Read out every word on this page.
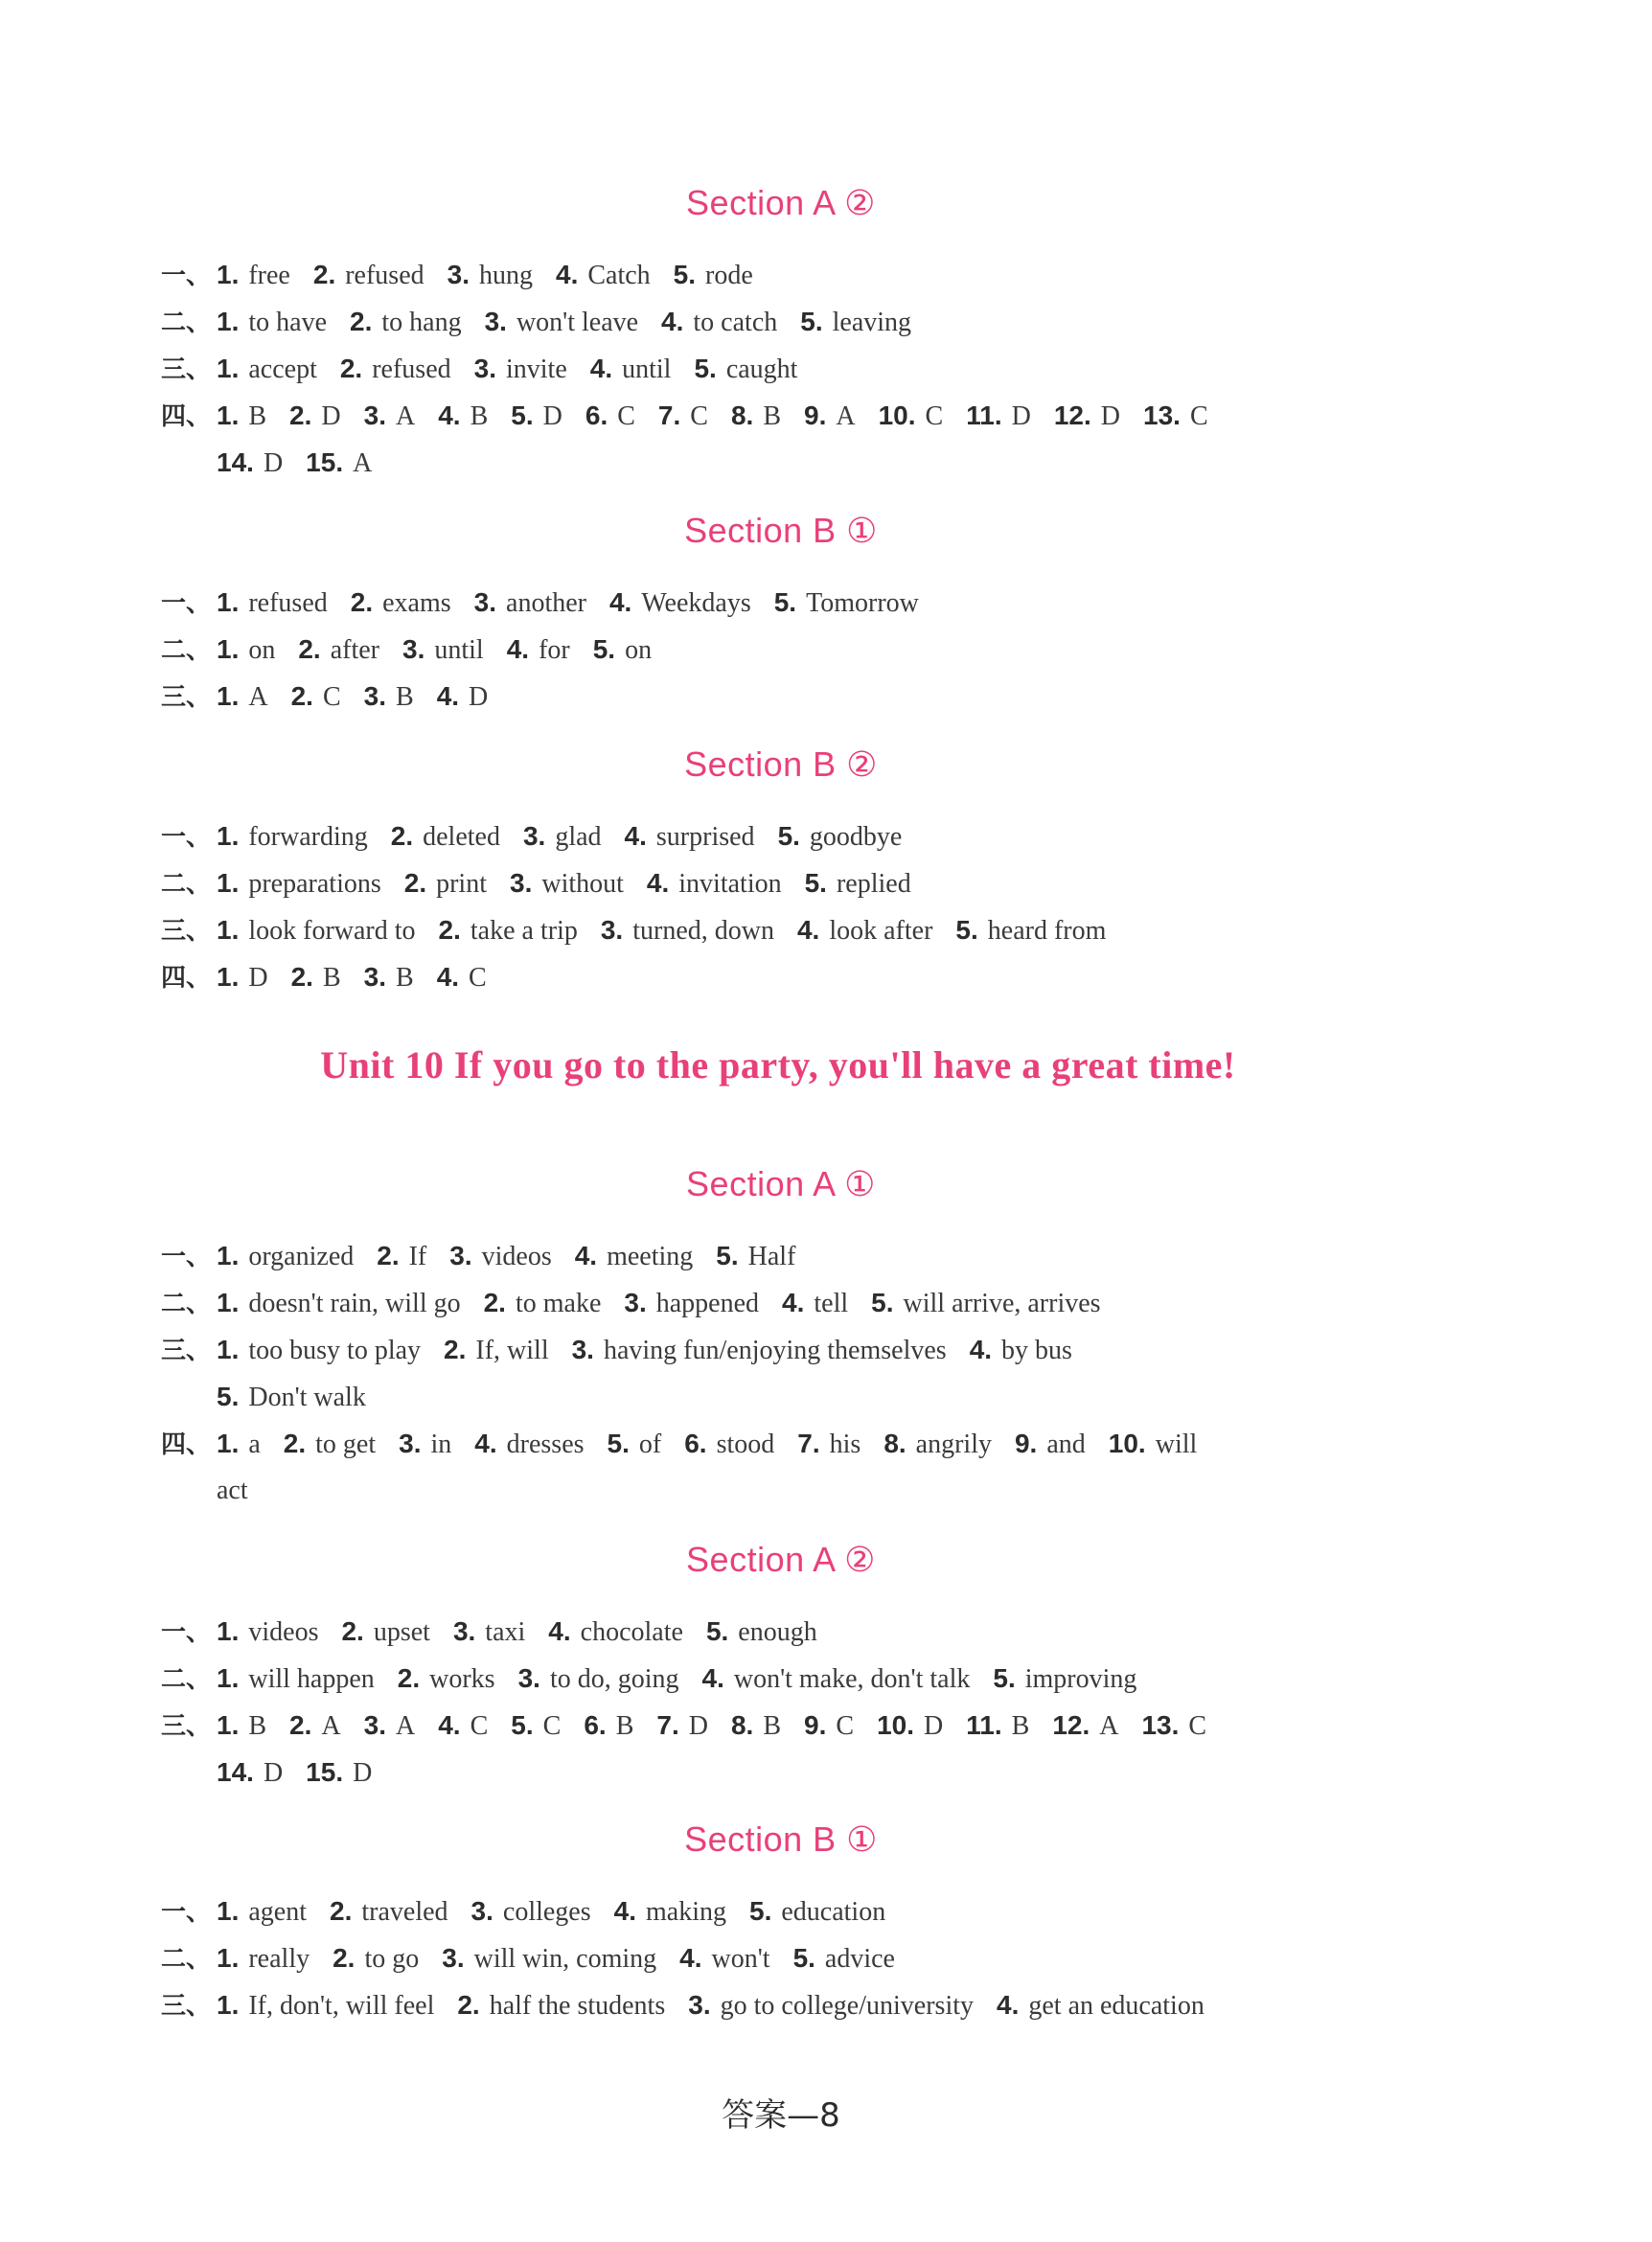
Section A ②
一、 1. free 2. refused 3. hung 4. Catch 5. rode
二、 1. to have 2. to hang 3. won't leave 4. to catch 5. leaving
三、 1. accept 2. refused 3. invite 4. until 5. caught
四、 1. B 2. D 3. A 4. B 5. D 6. C 7. C 8. B 9. A 10. C 11. D 12. D 13. C
14. D 15. A
Section B ①
一、 1. refused 2. exams 3. another 4. Weekdays 5. Tomorrow
二、 1. on 2. after 3. until 4. for 5. on
三、 1. A 2. C 3. B 4. D
Section B ②
一、 1. forwarding 2. deleted 3. glad 4. surprised 5. goodbye
二、 1. preparations 2. print 3. without 4. invitation 5. replied
三、 1. look forward to 2. take a trip 3. turned, down 4. look after 5. heard from
四、 1. D 2. B 3. B 4. C
Unit 10 If you go to the party, you'll have a great time!
Section A ①
一、 1. organized 2. If 3. videos 4. meeting 5. Half
二、 1. doesn't rain, will go 2. to make 3. happened 4. tell 5. will arrive, arrives
三、 1. too busy to play 2. If, will 3. having fun/enjoying themselves 4. by bus
5. Don't walk
四、 1. a 2. to get 3. in 4. dresses 5. of 6. stood 7. his 8. angrily 9. and 10. will
act
Section A ②
一、 1. videos 2. upset 3. taxi 4. chocolate 5. enough
二、 1. will happen 2. works 3. to do, going 4. won't make, don't talk 5. improving
三、 1. B 2. A 3. A 4. C 5. C 6. B 7. D 8. B 9. C 10. D 11. B 12. A 13. C
14. D 15. D
Section B ①
一、 1. agent 2. traveled 3. colleges 4. making 5. education
二、 1. really 2. to go 3. will win, coming 4. won't 5. advice
三、 1. If, don't, will feel 2. half the students 3. go to college/university 4. get an education
答案—8
